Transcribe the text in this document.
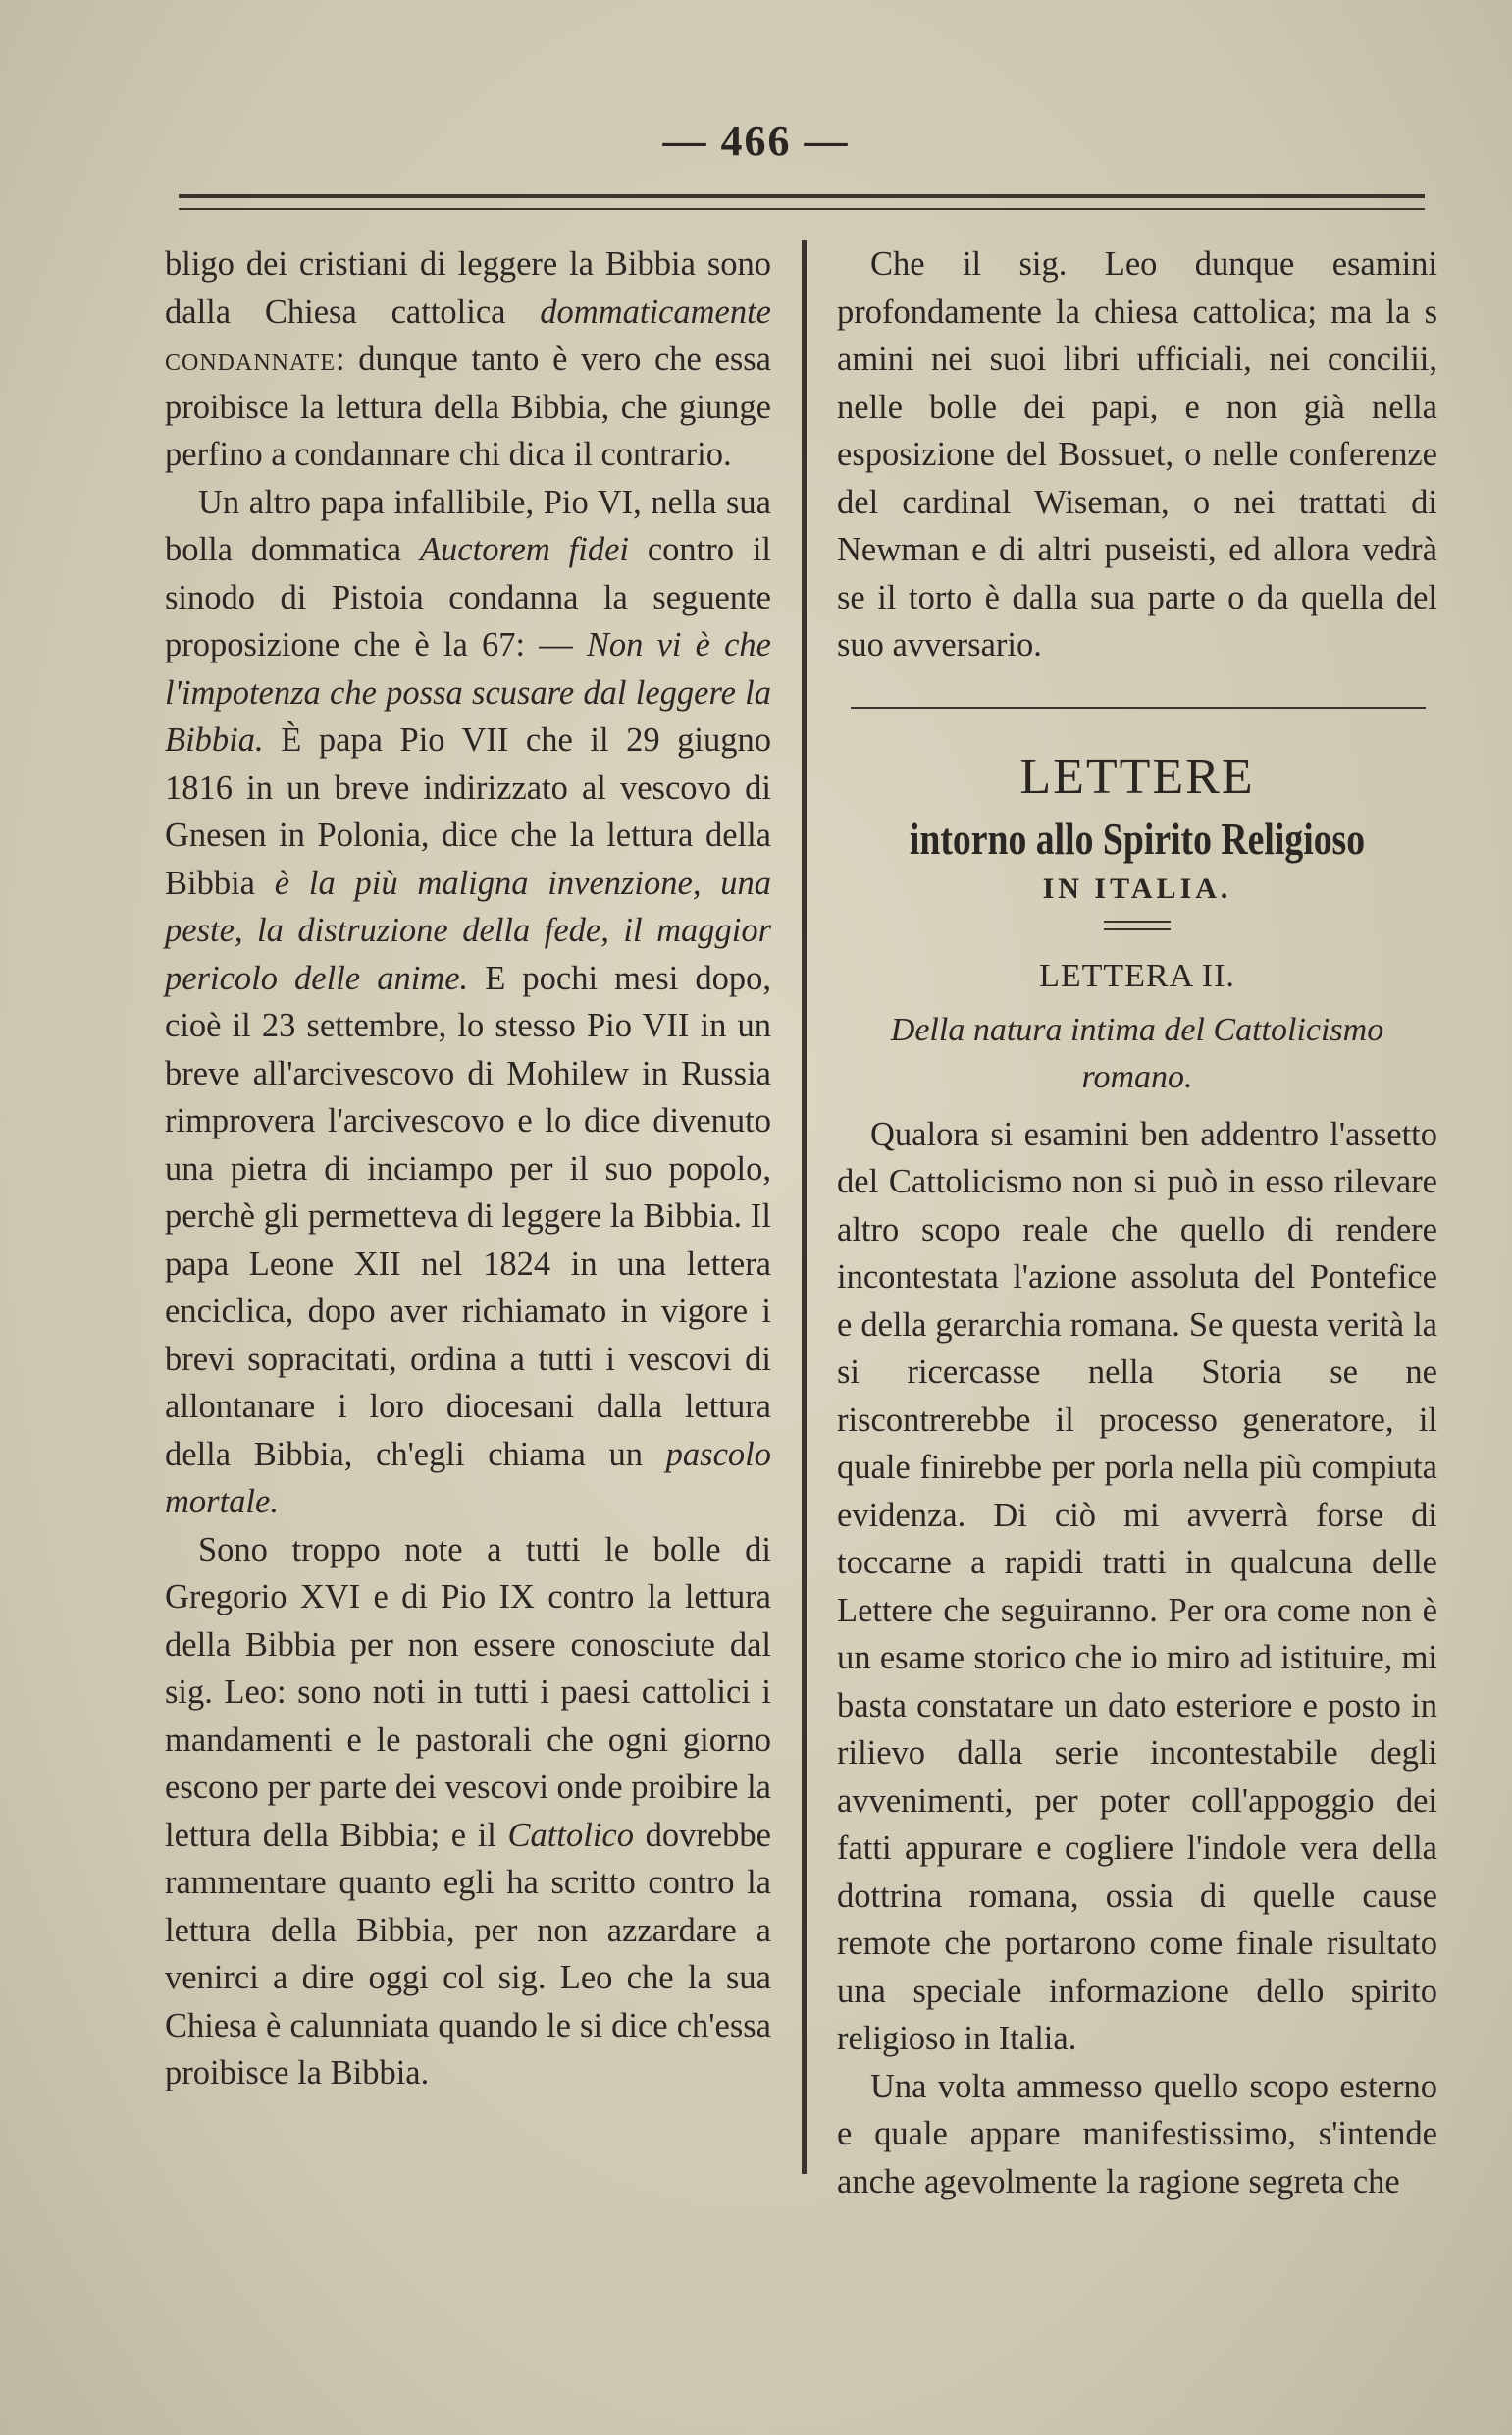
— 466 —

bligo dei cristiani di leggere la Bibbia sono dalla Chiesa cattolica dommaticamente condannate: dunque tanto è vero che essa proibisce la lettura della Bibbia, che giunge perfino a condannare chi dica il contrario.

Un altro papa infallibile, Pio VI, nella sua bolla dommatica Auctorem fidei contro il sinodo di Pistoia condanna la seguente proposizione che è la 67: — Non vi è che l'impotenza che possa scusare dal leggere la Bibbia. È papa Pio VII che il 29 giugno 1816 in un breve indirizzato al vescovo di Gnesen in Polonia, dice che la lettura della Bibbia è la più maligna invenzione, una peste, la distruzione della fede, il maggior pericolo delle anime. E pochi mesi dopo, cioè il 23 settembre, lo stesso Pio VII in un breve all'arcivescovo di Mohilew in Russia rimprovera l'arcivescovo e lo dice divenuto una pietra di inciampo per il suo popolo, perchè gli permetteva di leggere la Bibbia. Il papa Leone XII nel 1824 in una lettera enciclica, dopo aver richiamato in vigore i brevi sopracitati, ordina a tutti i vescovi di allontanare i loro diocesani dalla lettura della Bibbia, ch'egli chiama un pascolo mortale.

Sono troppo note a tutti le bolle di Gregorio XVI e di Pio IX contro la lettura della Bibbia per non essere conosciute dal sig. Leo: sono noti in tutti i paesi cattolici i mandamenti e le pastorali che ogni giorno escono per parte dei vescovi onde proibire la lettura della Bibbia; e il Cattolico dovrebbe rammentare quanto egli ha scritto contro la lettura della Bibbia, per non azzardare a venirci a dire oggi col sig. Leo che la sua Chiesa è calunniata quando le si dice ch'essa proibisce la Bibbia.

Che il sig. Leo dunque esamini profondamente la chiesa cattolica; ma la s amini nei suoi libri ufficiali, nei concilii, nelle bolle dei papi, e non già nella esposizione del Bossuet, o nelle conferenze del cardinal Wiseman, o nei trattati di Newman e di altri puseisti, ed allora vedrà se il torto è dalla sua parte o da quella del suo avversario.

LETTERE
intorno allo Spirito Religioso
IN ITALIA.
LETTERA II.
Della natura intima del Cattolicismo romano.

Qualora si esamini ben addentro l'assetto del Cattolicismo non si può in esso rilevare altro scopo reale che quello di rendere incontestata l'azione assoluta del Pontefice e della gerarchia romana. Se questa verità la si ricercasse nella Storia se ne riscontrerebbe il processo generatore, il quale finirebbe per porla nella più compiuta evidenza. Di ciò mi avverrà forse di toccarne a rapidi tratti in qualcuna delle Lettere che seguiranno. Per ora come non è un esame storico che io miro ad istituire, mi basta constatare un dato esteriore e posto in rilievo dalla serie incontestabile degli avvenimenti, per poter coll'appoggio dei fatti appurare e cogliere l'indole vera della dottrina romana, ossia di quelle cause remote che portarono come finale risultato una speciale informazione dello spirito religioso in Italia.

Una volta ammesso quello scopo esterno e quale appare manifestissimo, s'intende anche agevolmente la ragione segreta che
